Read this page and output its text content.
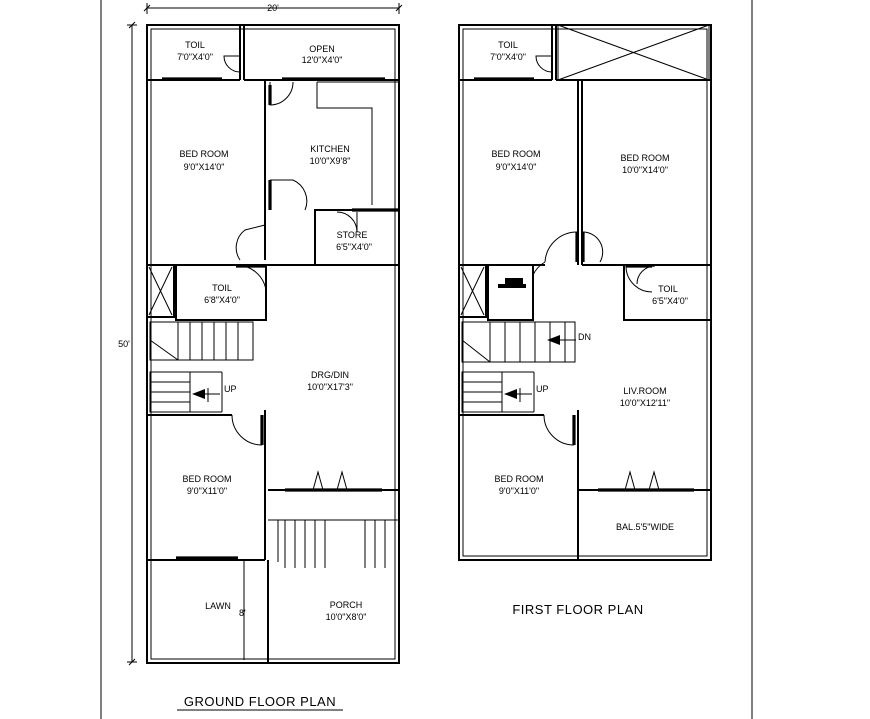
20'
50'
UP
8'
TOIL
7'0"X4'0"
OPEN
12'0"X4'0"
BED ROOM
9'0"X14'0"
KITCHEN
10'0"X9'8"
STORE
6'5"X4'0"
TOIL
6'8"X4'0"
DRG/DIN
10'0"X17'3"
BED ROOM
9'0"X11'0"
LAWN	PORCH
10'0"X8'0"
GROUND FLOOR PLAN
DN
UP
TOIL
7'0"X4'0"
BED ROOM
9'0"X14'0"
BED ROOM
10'0"X14'0"
TOIL
6'5"X4'0"
LIV.ROOM
10'0"X12'11"
BED ROOM
9'0"X11'0"
BAL.5'5"WIDE
FIRST FLOOR PLAN
